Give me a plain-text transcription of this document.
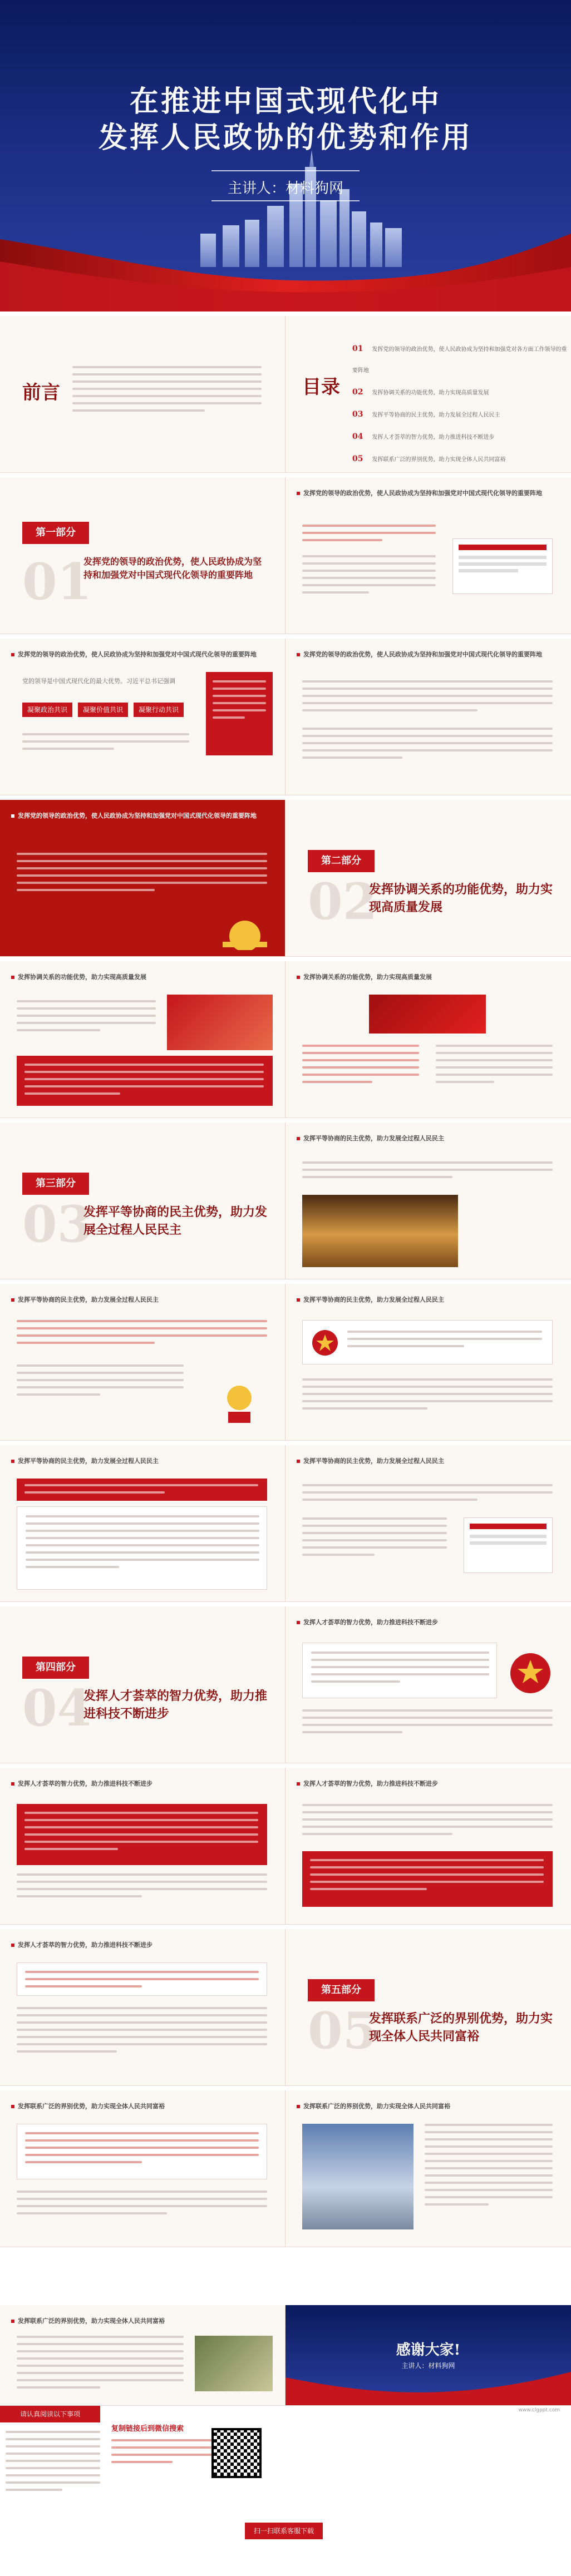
在推进中国式现代化中
发挥人民政协的优势和作用
主讲人：材料狗网
前言	目录
01 发挥党的领导的政治优势，使人民政协成为坚持和加强党对各方面工作领导的重要阵地
02 发挥协调关系的功能优势，助力实现高质量发展
03 发挥平等协商的民主优势，助力发展全过程人民民主
04 发挥人才荟萃的智力优势，助力推进科技不断进步
05 发挥联系广泛的界别优势，助力实现全体人民共同富裕
第一部分
01
发挥党的领导的政治优势，使人民政协成为坚持和加强党对中国式现代化领导的重要阵地
发挥党的领导的政治优势，使人民政协成为坚持和加强党对中国式现代化领导的重要阵地
发挥党的领导的政治优势，使人民政协成为坚持和加强党对中国式现代化领导的重要阵地
党的领导是中国式现代化的最大优势。习近平总书记强调
凝聚政治共识	凝聚价值共识	凝聚行动共识
发挥党的领导的政治优势，使人民政协成为坚持和加强党对中国式现代化领导的重要阵地
发挥党的领导的政治优势，使人民政协成为坚持和加强党对中国式现代化领导的重要阵地
第二部分
02
发挥协调关系的功能优势，助力实现高质量发展
发挥协调关系的功能优势，助力实现高质量发展	发挥协调关系的功能优势，助力实现高质量发展
第三部分
03
发挥平等协商的民主优势，助力发展全过程人民民主
发挥平等协商的民主优势，助力发展全过程人民民主
发挥平等协商的民主优势，助力发展全过程人民民主	发挥平等协商的民主优势，助力发展全过程人民民主
发挥平等协商的民主优势，助力发展全过程人民民主	发挥平等协商的民主优势，助力发展全过程人民民主
第四部分
04
发挥人才荟萃的智力优势，助力推进科技不断进步
发挥人才荟萃的智力优势，助力推进科技不断进步
发挥人才荟萃的智力优势，助力推进科技不断进步	发挥人才荟萃的智力优势，助力推进科技不断进步
发挥人才荟萃的智力优势，助力推进科技不断进步
第五部分
05
发挥联系广泛的界别优势，助力实现全体人民共同富裕
发挥联系广泛的界别优势，助力实现全体人民共同富裕	发挥联系广泛的界别优势，助力实现全体人民共同富裕
发挥联系广泛的界别优势，助力实现全体人民共同富裕
感谢大家!
主讲人：材料狗网
请认真阅读以下事项
复制链接后到微信搜索
扫一扫联系客服下载
www.clgppt.com
